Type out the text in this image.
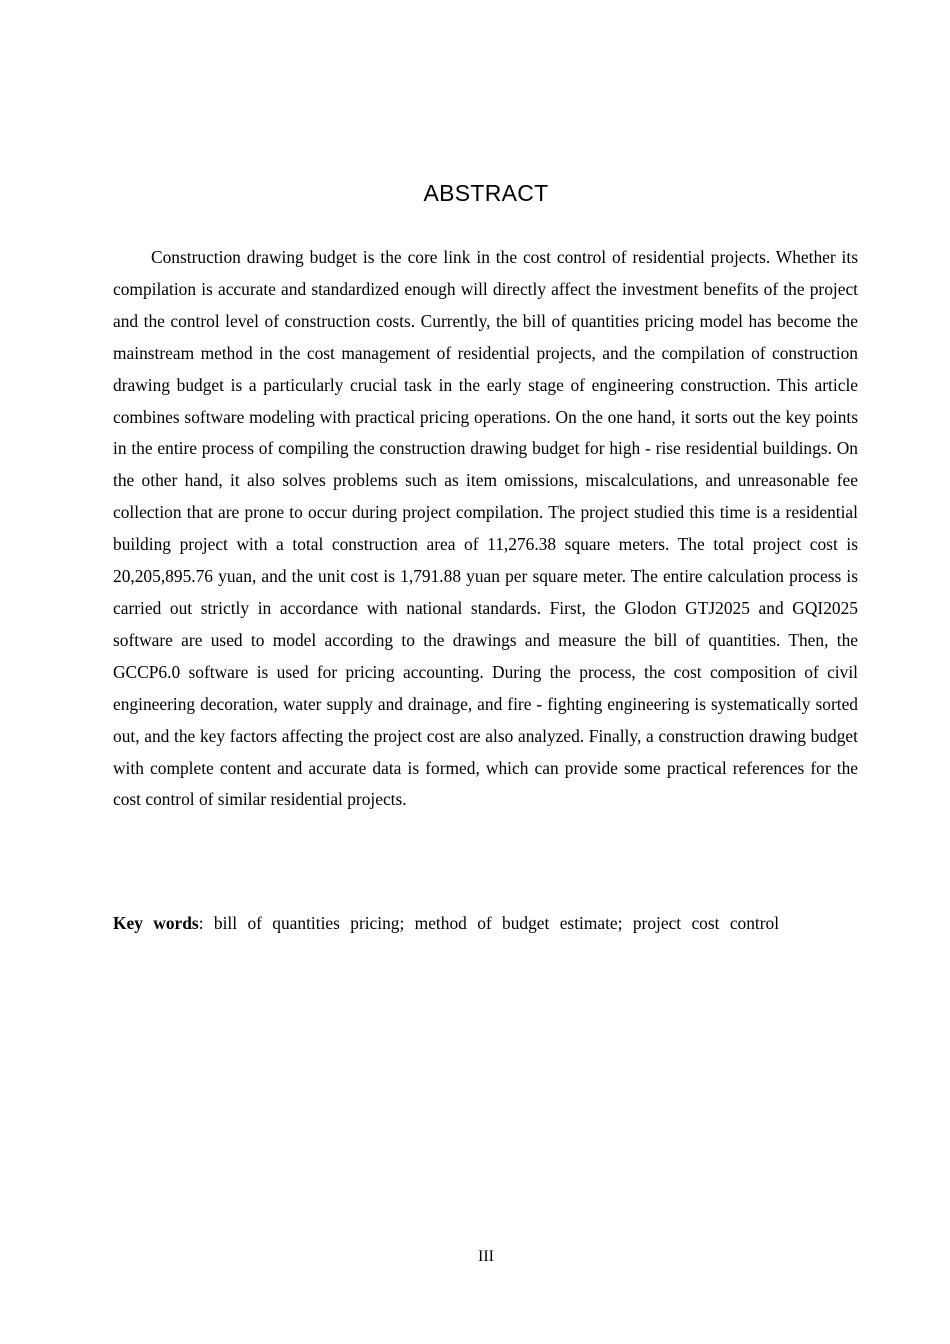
ABSTRACT

Construction drawing budget is the core link in the cost control of residential projects. Whether its compilation is accurate and standardized enough will directly affect the investment benefits of the project and the control level of construction costs. Currently, the bill of quantities pricing model has become the mainstream method in the cost management of residential projects, and the compilation of construction drawing budget is a particularly crucial task in the early stage of engineering construction. This article combines software modeling with practical pricing operations. On the one hand, it sorts out the key points in the entire process of compiling the construction drawing budget for high - rise residential buildings. On the other hand, it also solves problems such as item omissions, miscalculations, and unreasonable fee collection that are prone to occur during project compilation. The project studied this time is a residential building project with a total construction area of 11,276.38 square meters. The total project cost is 20,205,895.76 yuan, and the unit cost is 1,791.88 yuan per square meter. The entire calculation process is carried out strictly in accordance with national standards. First, the Glodon GTJ2025 and GQI2025 software are used to model according to the drawings and measure the bill of quantities. Then, the GCCP6.0 software is used for pricing accounting. During the process, the cost composition of civil engineering decoration, water supply and drainage, and fire - fighting engineering is systematically sorted out, and the key factors affecting the project cost are also analyzed. Finally, a construction drawing budget with complete content and accurate data is formed, which can provide some practical references for the cost control of similar residential projects.

Key words: bill of quantities pricing; method of budget estimate; project cost control

III
